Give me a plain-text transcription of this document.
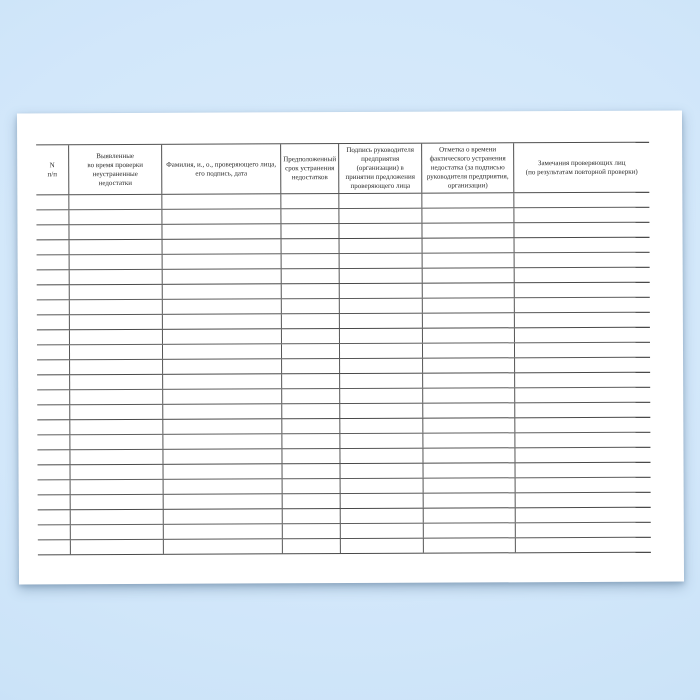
N
п/п
Выявленные
во время проверки
неустраненные
недостатки
Фамилия, и., о., проверяющего лица,
его подпись, дата
Предположенный
срок устранения
недостатков
Подпись руководителя
предприятия
(организации) в
принятии предложения
проверяющего лица
Отметка о времени
фактического устранения
недостатка (за подписью
руководителя предприятия,
организации)
Замечания проверяющих лиц
(по результатам повторной проверки)
